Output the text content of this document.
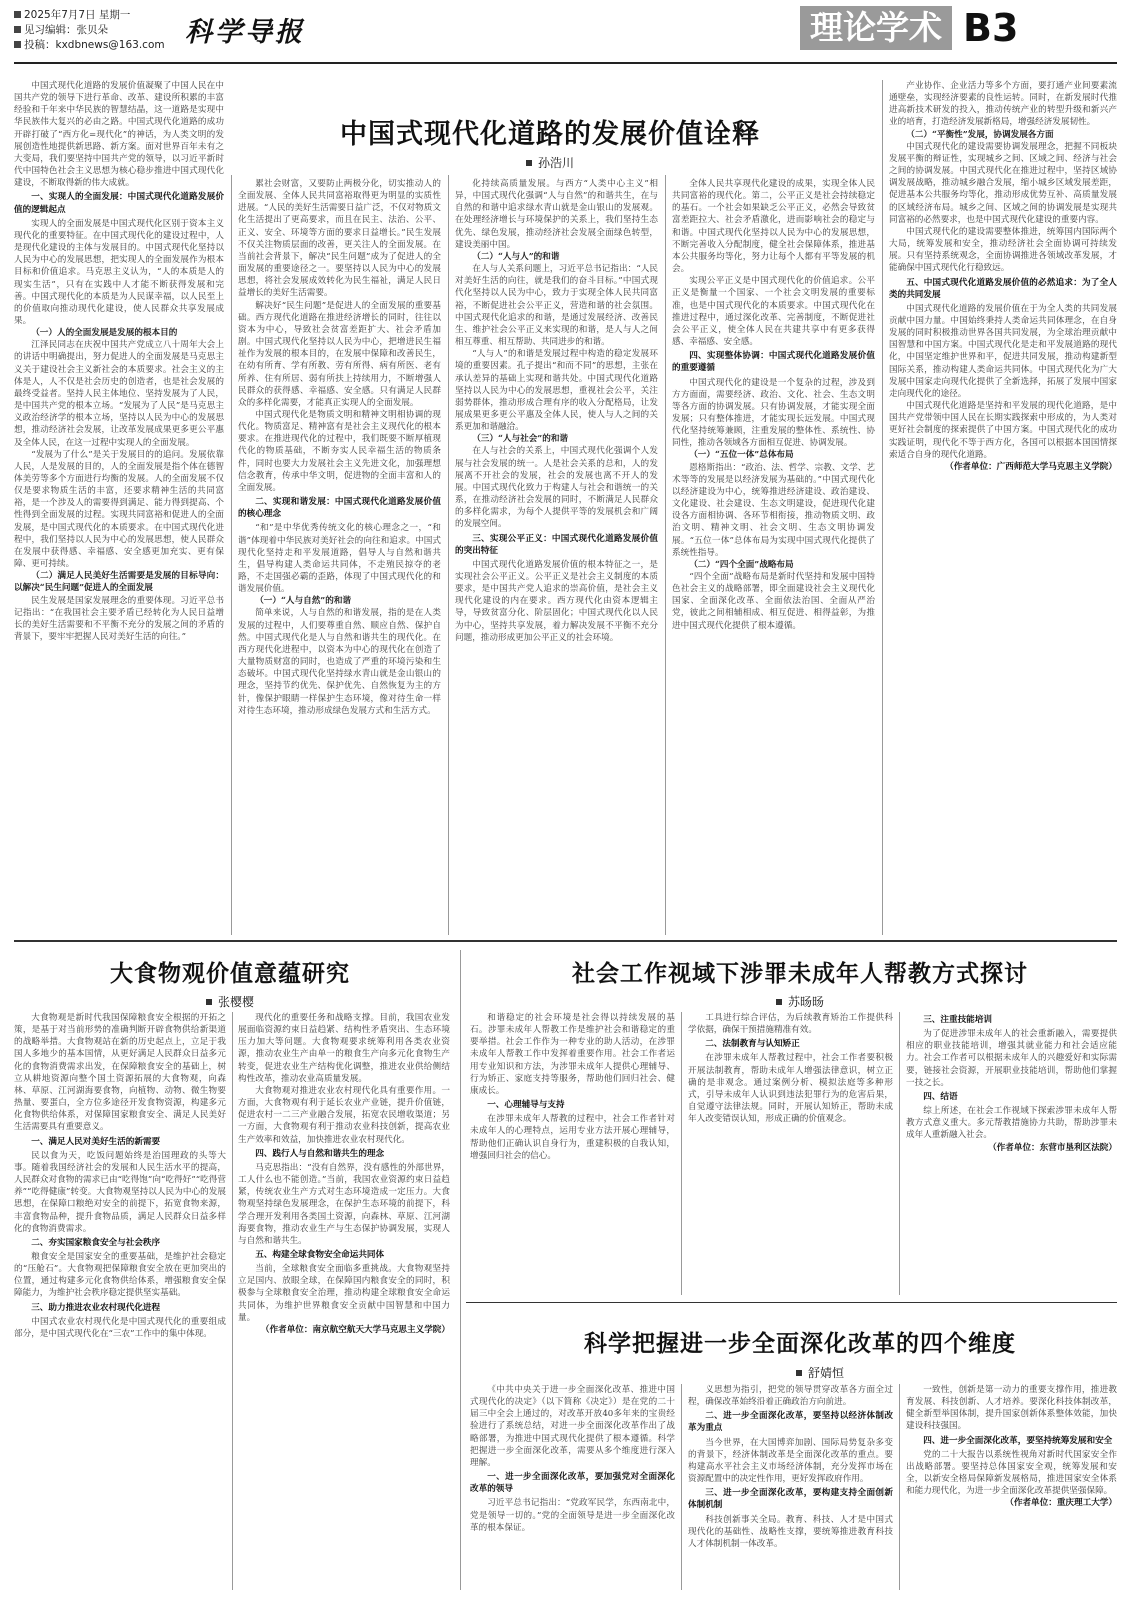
2025年7月7日 星期一
见习编辑：张贝朵
投稿：kxdbnews@163.com 科学导报	理论学术 B3
中国式现代化道路的发展价值诠释
孙浩川

中国式现代化道路的发展价值凝聚了中国人民在中国共产党的领导下进行革命、改革、建设所积累的丰富经验和千年来中华民族的智慧结晶，这一道路是实现中华民族伟大复兴的必由之路。中国式现代化道路的成功开辟打破了“西方化=现代化”的神话，为人类文明的发展创造性地提供新思路、新方案。面对世界百年未有之大变局，我们要坚持中国共产党的领导，以习近平新时代中国特色社会主义思想为核心稳步推进中国式现代化建设，不断取得新的伟大成就。

一、实现人的全面发展：中国式现代化道路发展价值的逻辑起点

实现人的全面发展是中国式现代化区别于资本主义现代化的重要特征。在中国式现代化的建设过程中，人是现代化建设的主体与发展目的。中国式现代化坚持以人民为中心的发展思想，把实现人的全面发展作为根本目标和价值追求。马克思主义认为，“人的本质是人的现实生活”，只有在实践中人才能不断获得发展和完善。中国式现代化的本质是为人民谋幸福，以人民至上的价值取向推动现代化建设，使人民群众共享发展成果。

（一）人的全面发展是发展的根本目的

江泽民同志在庆祝中国共产党成立八十周年大会上的讲话中明确提出，努力促进人的全面发展是马克思主义关于建设社会主义新社会的本质要求。社会主义的主体是人，人不仅是社会历史的创造者，也是社会发展的最终受益者。坚持人民主体地位、坚持发展为了人民，是中国共产党的根本立场。“发展为了人民”是马克思主义政治经济学的根本立场，坚持以人民为中心的发展思想，推动经济社会发展，让改革发展成果更多更公平惠及全体人民，在这一过程中实现人的全面发展。

“发展为了什么”是关于发展目的的追问。发展依靠人民，人是发展的目的，人的全面发展是指个体在德智体美劳等多个方面进行均衡的发展。人的全面发展不仅仅是要求物质生活的丰富，还要求精神生活的共同富裕，是一个涉及人的需要得到满足、能力得到提高、个性得到全面发展的过程。实现共同富裕和促进人的全面发展，是中国式现代化的本质要求。在中国式现代化进程中，我们坚持以人民为中心的发展思想，使人民群众在发展中获得感、幸福感、安全感更加充实、更有保障、更可持续。

（二）满足人民美好生活需要是发展的目标导向：以解决“民生问题”促进人的全面发展

民生发展是国家发展理念的重要体现。习近平总书记指出：“在我国社会主要矛盾已经转化为人民日益增长的美好生活需要和不平衡不充分的发展之间的矛盾的背景下，要牢牢把握人民对美好生活的向往。”

累社会财富，又要防止两极分化，切实推动人的全面发展、全体人民共同富裕取得更为明显的实质性进展。“人民的美好生活需要日益广泛，不仅对物质文化生活提出了更高要求，而且在民主、法治、公平、正义、安全、环境等方面的要求日益增长。”民生发展不仅关注物质层面的改善，更关注人的全面发展。在当前社会背景下，解决“民生问题”成为了促进人的全面发展的重要途径之一。要坚持以人民为中心的发展思想，将社会发展成效转化为民生福祉，满足人民日益增长的美好生活需要。

解决好“民生问题”是促进人的全面发展的重要基础。西方现代化道路在推进经济增长的同时，往往以资本为中心，导致社会贫富差距扩大、社会矛盾加剧。中国式现代化坚持以人民为中心，把增进民生福祉作为发展的根本目的，在发展中保障和改善民生，在幼有所育、学有所教、劳有所得、病有所医、老有所养、住有所居、弱有所扶上持续用力，不断增强人民群众的获得感、幸福感、安全感。只有满足人民群众的多样化需要，才能真正实现人的全面发展。

中国式现代化是物质文明和精神文明相协调的现代化。物质富足、精神富有是社会主义现代化的根本要求。在推进现代化的过程中，我们既要不断厚植现代化的物质基础，不断夯实人民幸福生活的物质条件，同时也要大力发展社会主义先进文化，加强理想信念教育，传承中华文明，促进物的全面丰富和人的全面发展。

二、实现和谐发展：中国式现代化道路发展价值的核心理念

“和”是中华优秀传统文化的核心理念之一，“和谐”体现着中华民族对美好社会的向往和追求。中国式现代化坚持走和平发展道路，倡导人与自然和谐共生，倡导构建人类命运共同体，不走殖民掠夺的老路，不走国强必霸的歪路，体现了中国式现代化的和谐发展价值。

（一）“人与自然”的和谐

简单来说，人与自然的和谐发展，指的是在人类发展的过程中，人们要尊重自然、顺应自然、保护自然。中国式现代化是人与自然和谐共生的现代化。在西方现代化进程中，以资本为中心的现代化在创造了大量物质财富的同时，也造成了严重的环境污染和生态破坏。中国式现代化坚持绿水青山就是金山银山的理念，坚持节约优先、保护优先、自然恢复为主的方针，像保护眼睛一样保护生态环境，像对待生命一样对待生态环境，推动形成绿色发展方式和生活方式。

化持续高质量发展。与西方“人类中心主义”相异，中国式现代化强调“人与自然”的和谐共生，在与自然的和谐中追求绿水青山就是金山银山的发展观。在处理经济增长与环境保护的关系上，我们坚持生态优先、绿色发展，推动经济社会发展全面绿色转型，建设美丽中国。

（二）“人与人”的和谐

在人与人关系问题上，习近平总书记指出：“人民对美好生活的向往，就是我们的奋斗目标。”中国式现代化坚持以人民为中心，致力于实现全体人民共同富裕，不断促进社会公平正义，营造和谐的社会氛围。中国式现代化追求的和谐，是通过发展经济、改善民生、维护社会公平正义来实现的和谐，是人与人之间相互尊重、相互帮助、共同进步的和谐。

“人与人”的和谐是发展过程中构造的稳定发展环境的重要因素。孔子提出“和而不同”的思想，主张在承认差异的基础上实现和谐共处。中国式现代化道路坚持以人民为中心的发展思想，重视社会公平，关注弱势群体，推动形成合理有序的收入分配格局，让发展成果更多更公平惠及全体人民，使人与人之间的关系更加和谐融洽。

（三）“人与社会”的和谐

在人与社会的关系上，中国式现代化强调个人发展与社会发展的统一。人是社会关系的总和，人的发展离不开社会的发展，社会的发展也离不开人的发展。中国式现代化致力于构建人与社会和谐统一的关系，在推动经济社会发展的同时，不断满足人民群众的多样化需求，为每个人提供平等的发展机会和广阔的发展空间。

三、实现公平正义：中国式现代化道路发展价值的突出特征

中国式现代化道路发展价值的根本特征之一，是实现社会公平正义。公平正义是社会主义制度的本质要求，是中国共产党人追求的崇高价值，是社会主义现代化建设的内在要求。西方现代化由资本逻辑主导，导致贫富分化、阶层固化；中国式现代化以人民为中心，坚持共享发展，着力解决发展不平衡不充分问题，推动形成更加公平正义的社会环境。

全体人民共享现代化建设的成果，实现全体人民共同富裕的现代化。第二，公平正义是社会持续稳定的基石。一个社会如果缺乏公平正义，必然会导致贫富差距拉大、社会矛盾激化，进而影响社会的稳定与和谐。中国式现代化坚持以人民为中心的发展思想，不断完善收入分配制度，健全社会保障体系，推进基本公共服务均等化，努力让每个人都有平等发展的机会。

实现公平正义是中国式现代化的价值追求。公平正义是衡量一个国家、一个社会文明发展的重要标准，也是中国式现代化的本质要求。中国式现代化在推进过程中，通过深化改革、完善制度，不断促进社会公平正义，使全体人民在共建共享中有更多获得感、幸福感、安全感。

四、实现整体协调：中国式现代化道路发展价值的重要遵循

中国式现代化的建设是一个复杂的过程，涉及到方方面面，需要经济、政治、文化、社会、生态文明等各方面的协调发展。只有协调发展，才能实现全面发展；只有整体推进，才能实现长远发展。中国式现代化坚持统筹兼顾，注重发展的整体性、系统性、协同性，推动各领域各方面相互促进、协调发展。

（一）“五位一体”总体布局

恩格斯指出：“政治、法、哲学、宗教、文学、艺术等等的发展是以经济发展为基础的。”中国式现代化以经济建设为中心，统筹推进经济建设、政治建设、文化建设、社会建设、生态文明建设，促进现代化建设各方面相协调、各环节相衔接，推动物质文明、政治文明、精神文明、社会文明、生态文明协调发展。“五位一体”总体布局为实现中国式现代化提供了系统性指导。

（二）“四个全面”战略布局

“四个全面”战略布局是新时代坚持和发展中国特色社会主义的战略部署，即全面建设社会主义现代化国家、全面深化改革、全面依法治国、全面从严治党，彼此之间相辅相成、相互促进、相得益彰，为推进中国式现代化提供了根本遵循。

产业协作、企业活力等多个方面，要打通产业间要素流通壁垒，实现经济要素的良性运转。同时，在新发展时代推进高新技术研发的投入，推动传统产业的转型升级和新兴产业的培育，打造经济发展新格局，增强经济发展韧性。

（二）“平衡性”发展，协调发展各方面

中国式现代化的建设需要协调发展理念，把握不同板块发展平衡的辩证性，实现城乡之间、区域之间、经济与社会之间的协调发展。中国式现代化在推进过程中，坚持区域协调发展战略，推动城乡融合发展，缩小城乡区域发展差距，促进基本公共服务均等化，推动形成优势互补、高质量发展的区域经济布局。城乡之间、区域之间的协调发展是实现共同富裕的必然要求，也是中国式现代化建设的重要内容。

中国式现代化的建设需要整体推进，统筹国内国际两个大局，统筹发展和安全，推动经济社会全面协调可持续发展。只有坚持系统观念，全面协调推进各领域改革发展，才能确保中国式现代化行稳致远。

五、中国式现代化道路发展价值的必然追求：为了全人类的共同发展

中国式现代化道路的发展价值在于为全人类的共同发展贡献中国力量。中国始终秉持人类命运共同体理念，在自身发展的同时积极推动世界各国共同发展，为全球治理贡献中国智慧和中国方案。中国式现代化是走和平发展道路的现代化，中国坚定维护世界和平，促进共同发展，推动构建新型国际关系，推动构建人类命运共同体。中国式现代化为广大发展中国家走向现代化提供了全新选择，拓展了发展中国家走向现代化的途径。

中国式现代化道路是坚持和平发展的现代化道路，是中国共产党带领中国人民在长期实践探索中形成的，为人类对更好社会制度的探索提供了中国方案。中国式现代化的成功实践证明，现代化不等于西方化，各国可以根据本国国情探索适合自身的现代化道路。

（作者单位：广西师范大学马克思主义学院）

大食物观价值意蕴研究
张樱樱

大食物观是新时代我国保障粮食安全根据的开拓之策，是基于对当前形势的准确判断开辟食物供给新渠道的战略举措。大食物观站在新的历史起点上，立足于我国人多地少的基本国情，从更好满足人民群众日益多元化的食物消费需求出发，在保障粮食安全的基础上，树立从耕地资源向整个国土资源拓展的大食物观，向森林、草原、江河湖海要食物，向植物、动物、微生物要热量、要蛋白，全方位多途径开发食物资源，构建多元化食物供给体系，对保障国家粮食安全、满足人民美好生活需要具有重要意义。

一、满足人民对美好生活的新需要

民以食为天，吃饭问题始终是治国理政的头等大事。随着我国经济社会的发展和人民生活水平的提高，人民群众对食物的需求已由“吃得饱”向“吃得好”“吃得营养”“吃得健康”转变。大食物观坚持以人民为中心的发展思想，在保障口粮绝对安全的前提下，拓宽食物来源，丰富食物品种，提升食物品质，满足人民群众日益多样化的食物消费需求。

二、夯实国家粮食安全与社会秩序

粮食安全是国家安全的重要基础，是维护社会稳定的“压舱石”。大食物观把保障粮食安全放在更加突出的位置，通过构建多元化食物供给体系，增强粮食安全保障能力，为维护社会秩序稳定提供坚实基础。

三、助力推进农业农村现代化进程

中国式农业农村现代化是中国式现代化的重要组成部分，是中国式现代化在“三农”工作中的集中体现。

现代化的重要任务和战略支撑。目前，我国农业发展面临资源约束日益趋紧、结构性矛盾突出、生态环境压力加大等问题。大食物观要求统筹利用各类农业资源，推动农业生产由单一的粮食生产向多元化食物生产转变，促进农业生产结构优化调整，推进农业供给侧结构性改革，推动农业高质量发展。

大食物观对推进农业农村现代化具有重要作用。一方面，大食物观有利于延长农业产业链，提升价值链，促进农村一二三产业融合发展，拓宽农民增收渠道；另一方面，大食物观有利于推动农业科技创新，提高农业生产效率和效益，加快推进农业农村现代化。

四、践行人与自然和谐共生的理念

马克思指出：“没有自然界，没有感性的外部世界，工人什么也不能创造。”当前，我国农业资源约束日益趋紧，传统农业生产方式对生态环境造成一定压力。大食物观坚持绿色发展理念，在保护生态环境的前提下，科学合理开发利用各类国土资源，向森林、草原、江河湖海要食物，推动农业生产与生态保护协调发展，实现人与自然和谐共生。

五、构建全球食物安全命运共同体

当前，全球粮食安全面临多重挑战。大食物观坚持立足国内、放眼全球，在保障国内粮食安全的同时，积极参与全球粮食安全治理，推动构建全球粮食安全命运共同体，为维护世界粮食安全贡献中国智慧和中国力量。

（作者单位：南京航空航天大学马克思主义学院）

社会工作视域下涉罪未成年人帮教方式探讨
苏旸旸

和谐稳定的社会环境是社会得以持续发展的基石。涉罪未成年人帮教工作是维护社会和谐稳定的重要举措。社会工作作为一种专业的助人活动，在涉罪未成年人帮教工作中发挥着重要作用。社会工作者运用专业知识和方法，为涉罪未成年人提供心理辅导、行为矫正、家庭支持等服务，帮助他们回归社会、健康成长。

一、心理辅导与支持

在涉罪未成年人帮教的过程中，社会工作者针对未成年人的心理特点，运用专业方法开展心理辅导，帮助他们正确认识自身行为，重建积极的自我认知，增强回归社会的信心。

工具进行综合评估，为后续教育矫治工作提供科学依据，确保干预措施精准有效。

二、法制教育与认知矫正

在涉罪未成年人帮教过程中，社会工作者要积极开展法制教育，帮助未成年人增强法律意识，树立正确的是非观念。通过案例分析、模拟法庭等多种形式，引导未成年人认识到违法犯罪行为的危害后果，自觉遵守法律法规。同时，开展认知矫正，帮助未成年人改变错误认知，形成正确的价值观念。

三、注重技能培训

为了促进涉罪未成年人的社会重新融入，需要提供相应的职业技能培训，增强其就业能力和社会适应能力。社会工作者可以根据未成年人的兴趣爱好和实际需要，链接社会资源，开展职业技能培训，帮助他们掌握一技之长。

四、结语

综上所述，在社会工作视域下探索涉罪未成年人帮教方式意义重大。多元帮教措施协力共助，帮助涉罪未成年人重新融入社会。

（作者单位：东营市垦利区法院）

科学把握进一步全面深化改革的四个维度
舒婧恒

《中共中央关于进一步全面深化改革、推进中国式现代化的决定》（以下简称《决定》）是在党的二十届三中全会上通过的，对改革开放40多年来的宝贵经验进行了系统总结，对进一步全面深化改革作出了战略部署，为推进中国式现代化提供了根本遵循。科学把握进一步全面深化改革，需要从多个维度进行深入理解。

一、进一步全面深化改革，要加强党对全面深化改革的领导

习近平总书记指出：“党政军民学，东西南北中，党是领导一切的。”党的全面领导是进一步全面深化改革的根本保证。

义思想为指引，把党的领导贯穿改革各方面全过程，确保改革始终沿着正确政治方向前进。

二、进一步全面深化改革，要坚持以经济体制改革为重点

当今世界，在大国博弈加剧、国际局势复杂多变的背景下，经济体制改革是全面深化改革的重点。要构建高水平社会主义市场经济体制，充分发挥市场在资源配置中的决定性作用，更好发挥政府作用。

三、进一步全面深化改革，要构建支持全面创新体制机制

科技创新事关全局。教育、科技、人才是中国式现代化的基础性、战略性支撑，要统筹推进教育科技人才体制机制一体改革。

一致性，创新是第一动力的重要支撑作用，推进教育发展、科技创新、人才培养。要深化科技体制改革，健全新型举国体制，提升国家创新体系整体效能，加快建设科技强国。

四、进一步全面深化改革，要坚持统筹发展和安全

党的二十大报告以系统性视角对新时代国家安全作出战略部署。要坚持总体国家安全观，统筹发展和安全，以新安全格局保障新发展格局，推进国家安全体系和能力现代化，为进一步全面深化改革提供坚强保障。

（作者单位：重庆理工大学）
